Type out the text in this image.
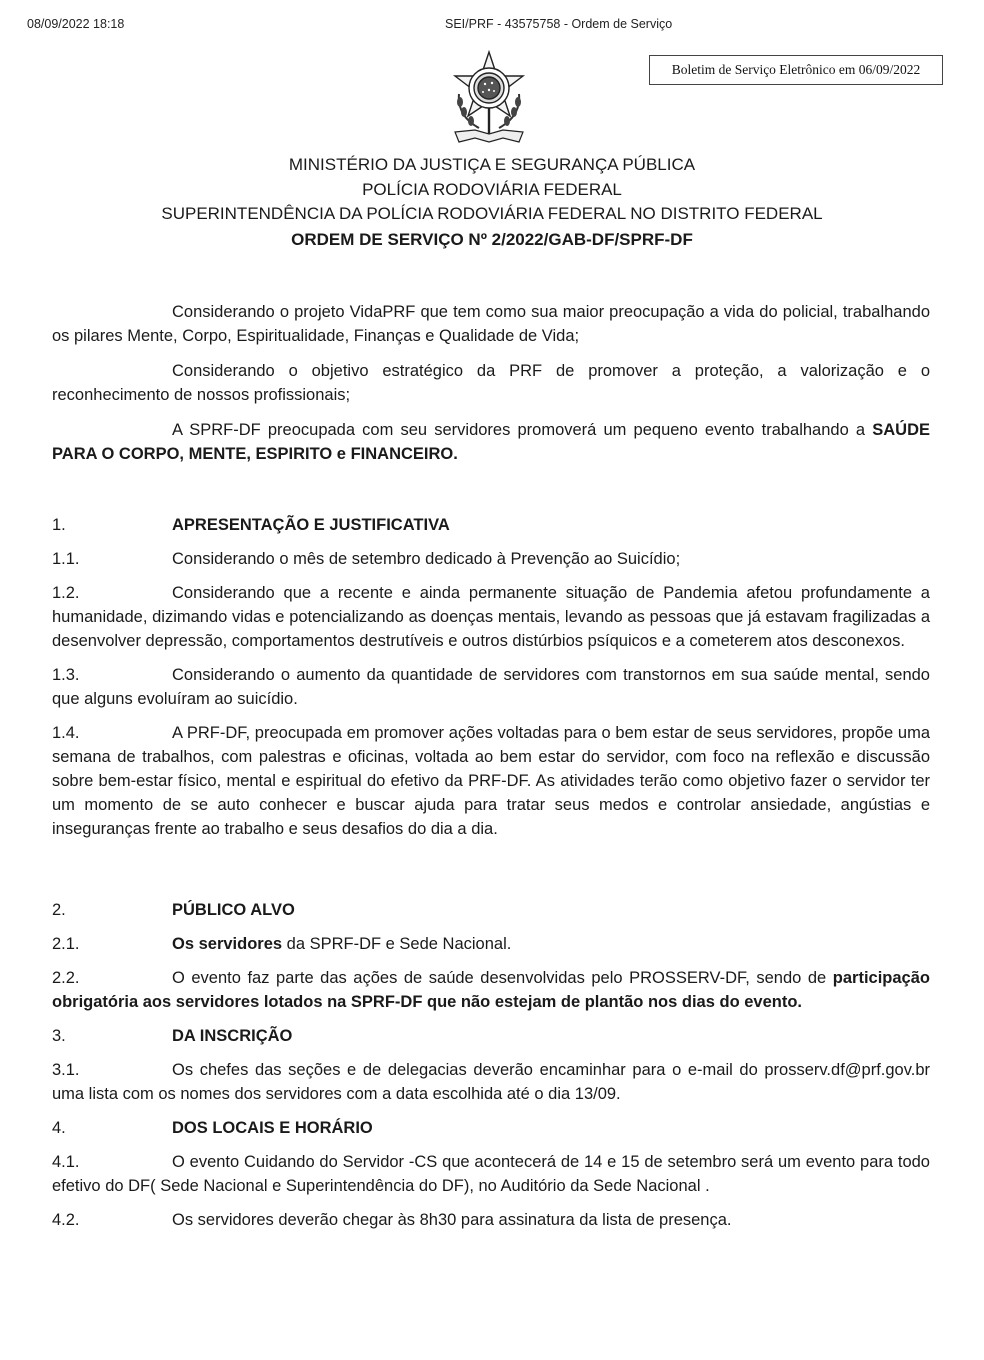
08/09/2022 18:18	SEI/PRF - 43575758 - Ordem de Serviço
Boletim de Serviço Eletrônico em 06/09/2022
MINISTÉRIO DA JUSTIÇA E SEGURANÇA PÚBLICA
POLÍCIA RODOVIÁRIA FEDERAL
SUPERINTENDÊNCIA DA POLÍCIA RODOVIÁRIA FEDERAL NO DISTRITO FEDERAL
ORDEM DE SERVIÇO Nº 2/2022/GAB-DF/SPRF-DF

Considerando o projeto VidaPRF que tem como sua maior preocupação a vida do policial, trabalhando os pilares Mente, Corpo, Espiritualidade, Finanças e Qualidade de Vida;

Considerando o objetivo estratégico da PRF de promover a proteção, a valorização e o reconhecimento de nossos profissionais;

A SPRF-DF preocupada com seu servidores promoverá um pequeno evento trabalhando a SAÚDE PARA O CORPO, MENTE, ESPIRITO e FINANCEIRO.

1.	APRESENTAÇÃO E JUSTIFICATIVA
1.1.	Considerando o mês de setembro dedicado à Prevenção ao Suicídio;
1.2.	Considerando que a recente e ainda permanente situação de Pandemia afetou profundamente a humanidade, dizimando vidas e potencializando as doenças mentais, levando as pessoas que já estavam fragilizadas a desenvolver depressão, comportamentos destrutíveis e outros distúrbios psíquicos e a cometerem atos desconexos.
1.3.	Considerando o aumento da quantidade de servidores com transtornos em sua saúde mental, sendo que alguns evoluíram ao suicídio.
1.4.	A PRF-DF, preocupada em promover ações voltadas para o bem estar de seus servidores, propõe uma semana de trabalhos, com palestras e oficinas, voltada ao bem estar do servidor, com foco na reflexão e discussão sobre bem-estar físico, mental e espiritual do efetivo da PRF-DF. As atividades terão como objetivo fazer o servidor ter um momento de se auto conhecer e buscar ajuda para tratar seus medos e controlar ansiedade, angústias e inseguranças frente ao trabalho e seus desafios do dia a dia.
2.	PÚBLICO ALVO
2.1.	Os servidores da SPRF-DF e Sede Nacional.
2.2.	O evento faz parte das ações de saúde desenvolvidas pelo PROSSERV-DF, sendo de participação obrigatória aos servidores lotados na SPRF-DF que não estejam de plantão nos dias do evento.
3.	DA INSCRIÇÃO
3.1.	Os chefes das seções e de delegacias deverão encaminhar para o e-mail do prosserv.df@prf.gov.br uma lista com os nomes dos servidores com a data escolhida até o dia 13/09.
4.	DOS LOCAIS E HORÁRIO
4.1.	O evento Cuidando do Servidor -CS que acontecerá de 14 e 15 de setembro será um evento para todo efetivo do DF( Sede Nacional e Superintendência do DF), no Auditório da Sede Nacional .
4.2.	Os servidores deverão chegar às 8h30 para assinatura da lista de presença.
